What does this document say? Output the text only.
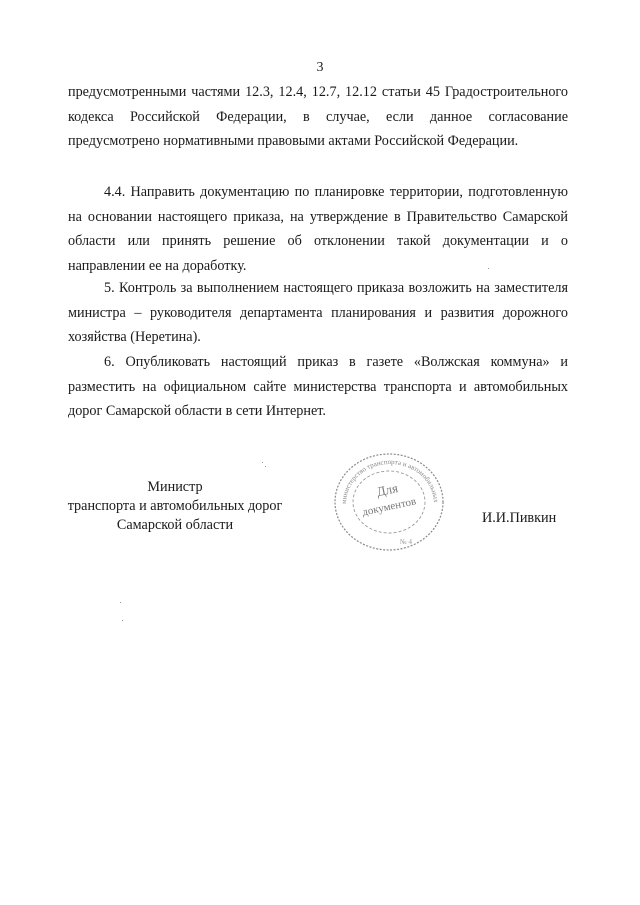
3
предусмотренными частями 12.3, 12.4, 12.7, 12.12 статьи 45 Градостроительного кодекса Российской Федерации, в случае, если данное согласование предусмотрено нормативными правовыми актами Российской Федерации.
4.4. Направить документацию по планировке территории, подготовленную на основании настоящего приказа, на утверждение в Правительство Самарской области или принять решение об отклонении такой документации и о направлении ее на доработку.
5. Контроль за выполнением настоящего приказа возложить на заместителя министра – руководителя департамента планирования и развития дорожного хозяйства (Неретина).
6. Опубликовать настоящий приказ в газете «Волжская коммуна» и разместить на официальном сайте министерства транспорта и автомобильных дорог Самарской области в сети Интернет.
Министр
транспорта и автомобильных дорог
Самарской области
министерство транспорта и автомобильных
Для
документов
№ 4
И.И.Пивкин
